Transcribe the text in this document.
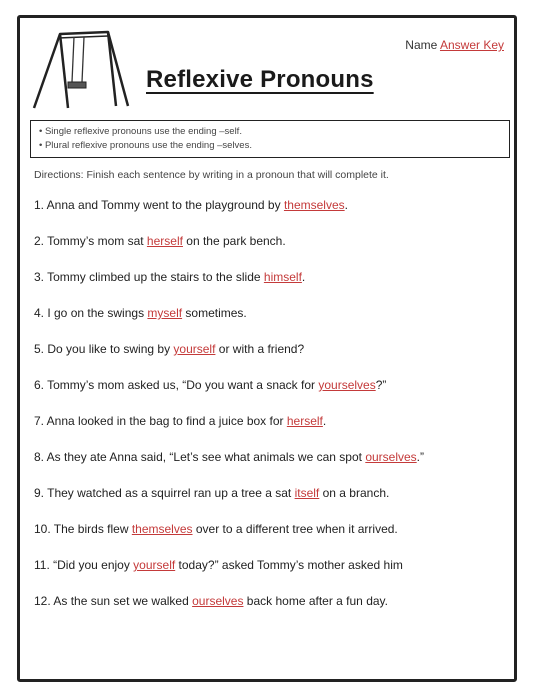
Name Answer Key
Reflexive Pronouns
• Single reflexive pronouns use the ending –self.
• Plural reflexive pronouns use the ending –selves.
Directions: Finish each sentence by writing in a pronoun that will complete it.
1. Anna and Tommy went to the playground by themselves.
2. Tommy’s mom sat herself on the park bench.
3. Tommy climbed up the stairs to the slide himself.
4. I go on the swings myself sometimes.
5. Do you like to swing by yourself or with a friend?
6. Tommy’s mom asked us, “Do you want a snack for yourselves?”
7. Anna looked in the bag to find a juice box for herself.
8. As they ate Anna said, “Let’s see what animals we can spot ourselves.”
9. They watched as a squirrel ran up a tree a sat itself on a branch.
10. The birds flew themselves over to a different tree when it arrived.
11. “Did you enjoy yourself today?” asked Tommy’s mother asked him
12. As the sun set we walked ourselves back home after a fun day.
